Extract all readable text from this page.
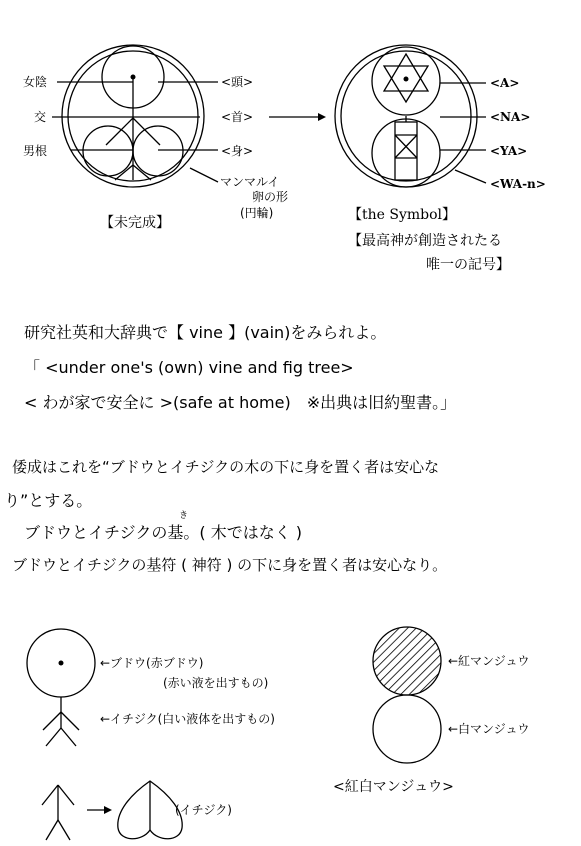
女陰
交
男根
<頭>
<首>
<身>
マンマルイ
卵の形
(円輪)
【未完成】
<A>
<NA>
<YA>
<WA-n>
【the Symbol】
【最高神が創造されたる
唯一の記号】
←ブドウ(赤ブドウ)
(赤い液を出すもの)
←イチジク(白い液体を出すもの)
(イチジク)
←紅マンジュウ
←白マンジュウ
<紅白マンジュウ>
研究社英和大辞典で【 vine 】(vain)をみられよ。
「 <under one's (own) vine and fig tree>
< わが家で安全に >(safe at home)　※出典は旧約聖書。」
倭成はこれを“ブドウとイチジクの木の下に身を置く者は安心な
り”とする。
き
ブドウとイチジクの基。( 木ではなく )
ブドウとイチジクの基符 ( 神符 ) の下に身を置く者は安心なり。
